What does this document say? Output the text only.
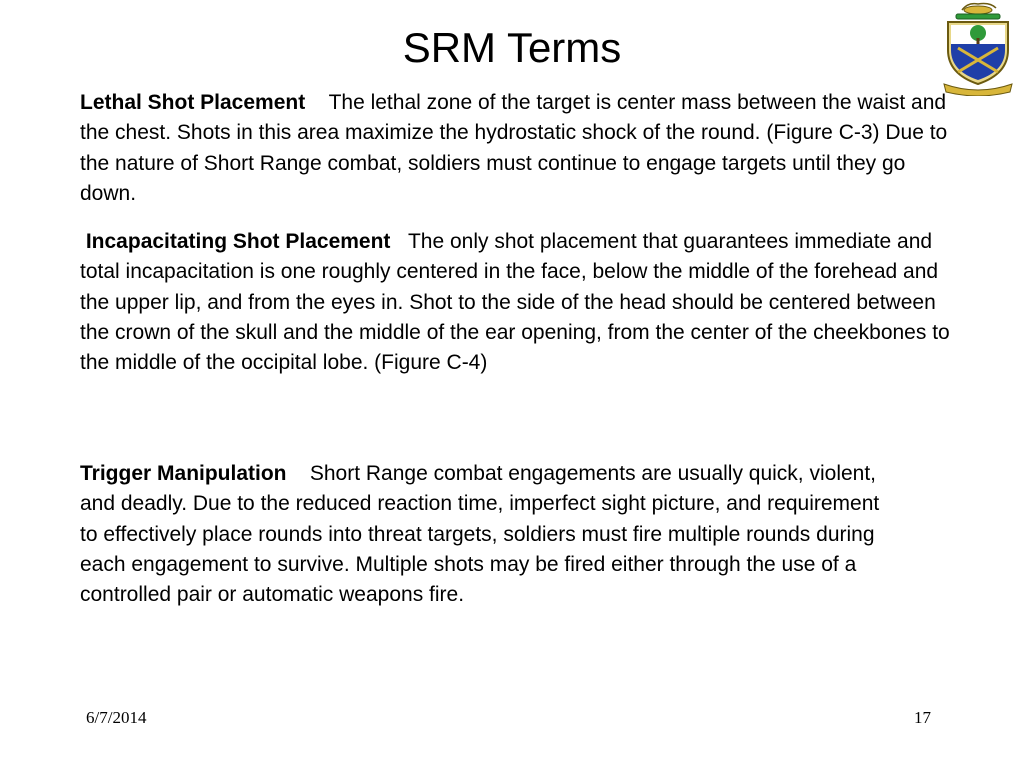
SRM Terms

Lethal Shot Placement The lethal zone of the target is center mass between the waist and the chest. Shots in this area maximize the hydrostatic shock of the round. (Figure C-3) Due to the nature of Short Range combat, soldiers must continue to engage targets until they go down.

Incapacitating Shot Placement The only shot placement that guarantees immediate and total incapacitation is one roughly centered in the face, below the middle of the forehead and the upper lip, and from the eyes in. Shot to the side of the head should be centered between the crown of the skull and the middle of the ear opening, from the center of the cheekbones to the middle of the occipital lobe. (Figure C-4)

Trigger Manipulation Short Range combat engagements are usually quick, violent, and deadly. Due to the reduced reaction time, imperfect sight picture, and requirement to effectively place rounds into threat targets, soldiers must fire multiple rounds during each engagement to survive. Multiple shots may be fired either through the use of a controlled pair or automatic weapons fire.

6/7/2014	17
